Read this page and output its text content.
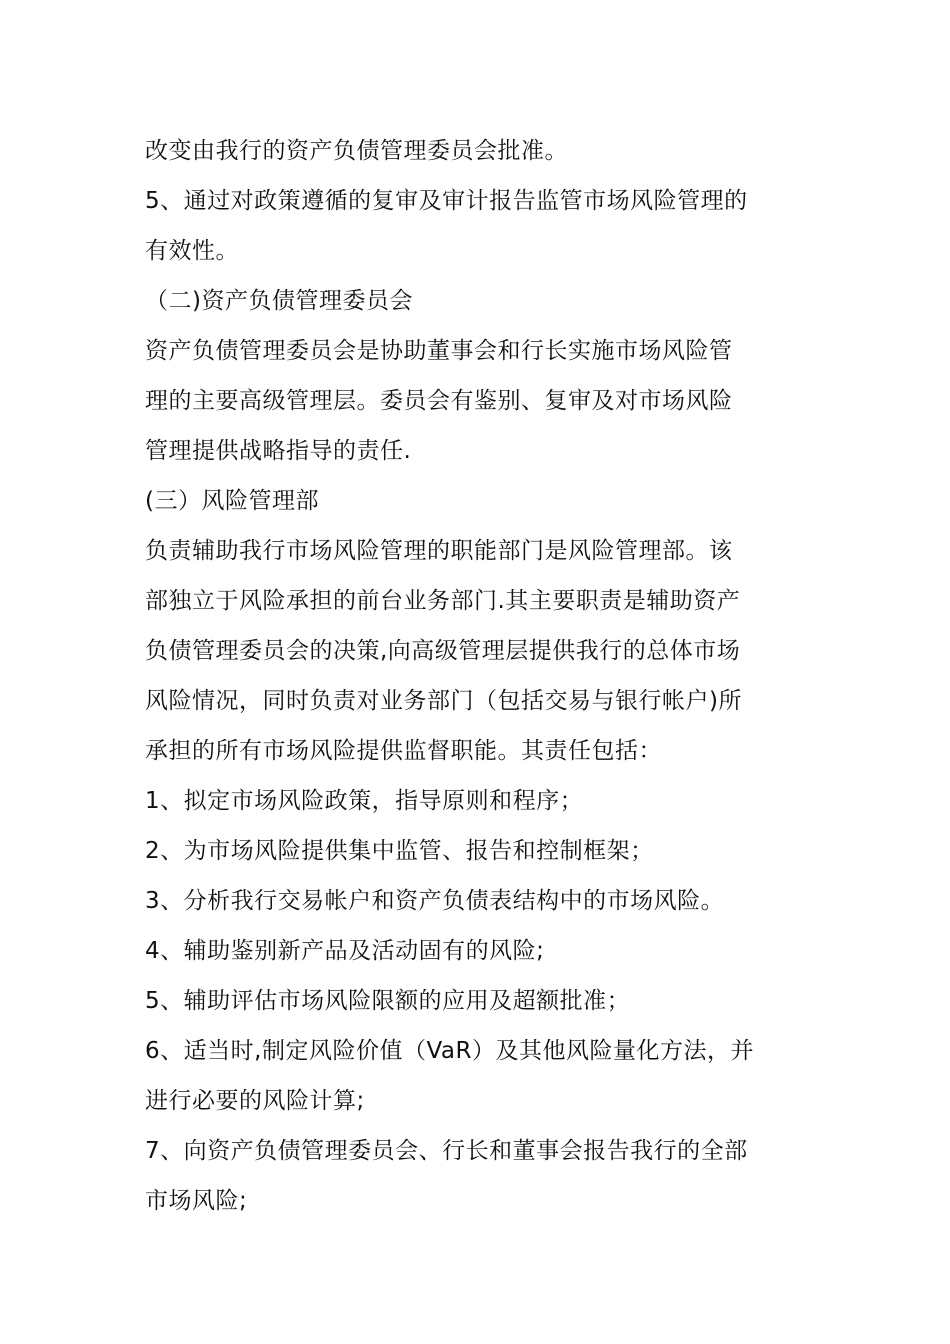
改变由我行的资产负债管理委员会批准。
5、通过对政策遵循的复审及审计报告监管市场风险管理的
有效性。
（二)资产负债管理委员会
资产负债管理委员会是协助董事会和行长实施市场风险管
理的主要高级管理层。委员会有鉴别、复审及对市场风险
管理提供战略指导的责任.
(三）风险管理部
负责辅助我行市场风险管理的职能部门是风险管理部。该
部独立于风险承担的前台业务部门.其主要职责是辅助资产
负债管理委员会的决策,向高级管理层提供我行的总体市场
风险情况，同时负责对业务部门（包括交易与银行帐户)所
承担的所有市场风险提供监督职能。其责任包括：
1、拟定市场风险政策，指导原则和程序；
2、为市场风险提供集中监管、报告和控制框架；
3、分析我行交易帐户和资产负债表结构中的市场风险。
4、辅助鉴别新产品及活动固有的风险;
5、辅助评估市场风险限额的应用及超额批准；
6、适当时,制定风险价值（VaR）及其他风险量化方法，并
进行必要的风险计算;
7、向资产负债管理委员会、行长和董事会报告我行的全部
市场风险;
